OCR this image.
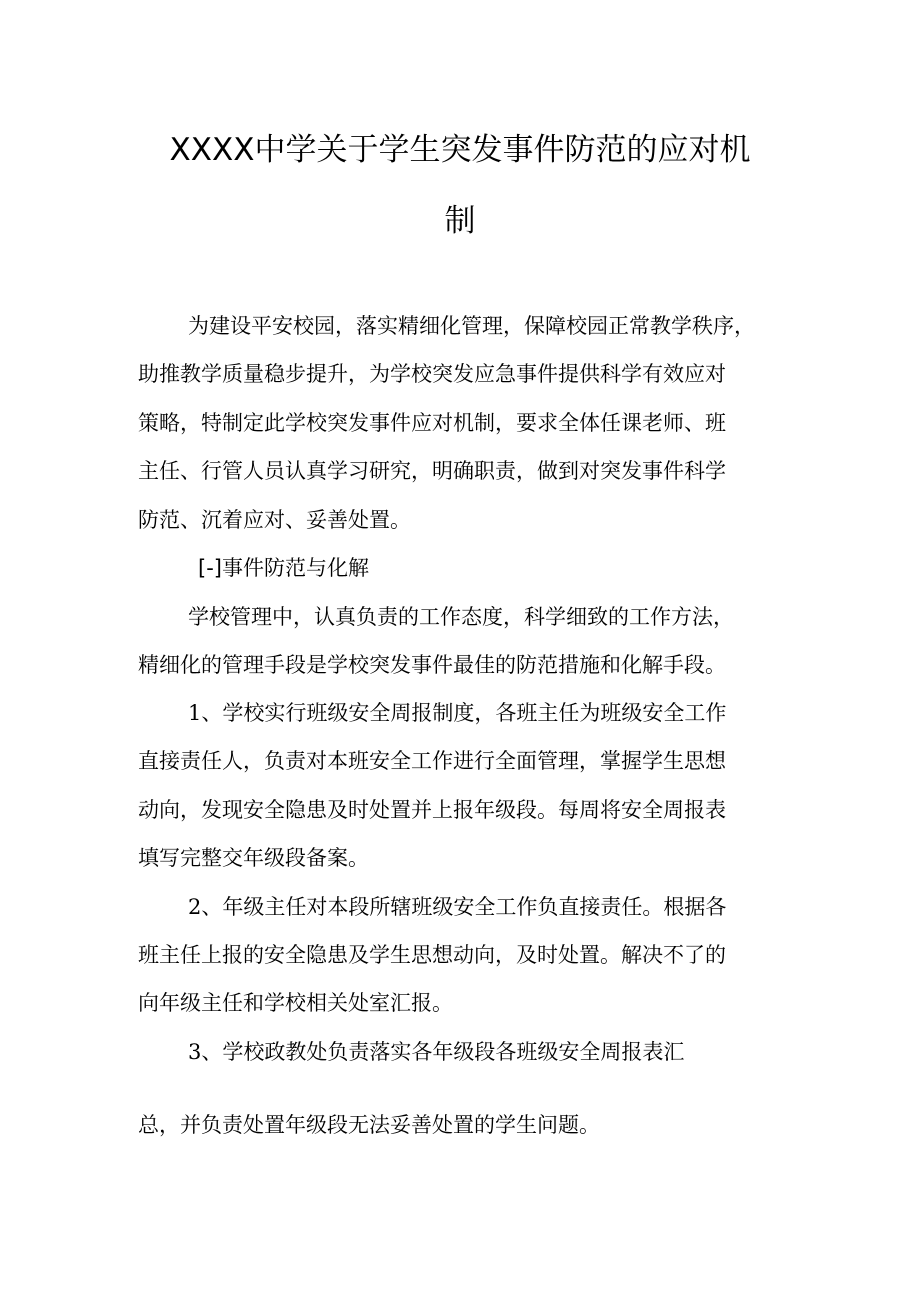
XXXX中学关于学生突发事件防范的应对机
制
为建设平安校园，落实精细化管理，保障校园正常教学秩序，
助推教学质量稳步提升，为学校突发应急事件提供科学有效应对
策略，特制定此学校突发事件应对机制，要求全体任课老师、班
主任、行管人员认真学习研究，明确职责，做到对突发事件科学
防范、沉着应对、妥善处置。
[-]事件防范与化解
学校管理中，认真负责的工作态度，科学细致的工作方法，
精细化的管理手段是学校突发事件最佳的防范措施和化解手段。
1、学校实行班级安全周报制度，各班主任为班级安全工作
直接责任人，负责对本班安全工作进行全面管理，掌握学生思想
动向，发现安全隐患及时处置并上报年级段。每周将安全周报表
填写完整交年级段备案。
2、年级主任对本段所辖班级安全工作负直接责任。根据各
班主任上报的安全隐患及学生思想动向，及时处置。解决不了的
向年级主任和学校相关处室汇报。
3、学校政教处负责落实各年级段各班级安全周报表汇
总，并负责处置年级段无法妥善处置的学生问题。
